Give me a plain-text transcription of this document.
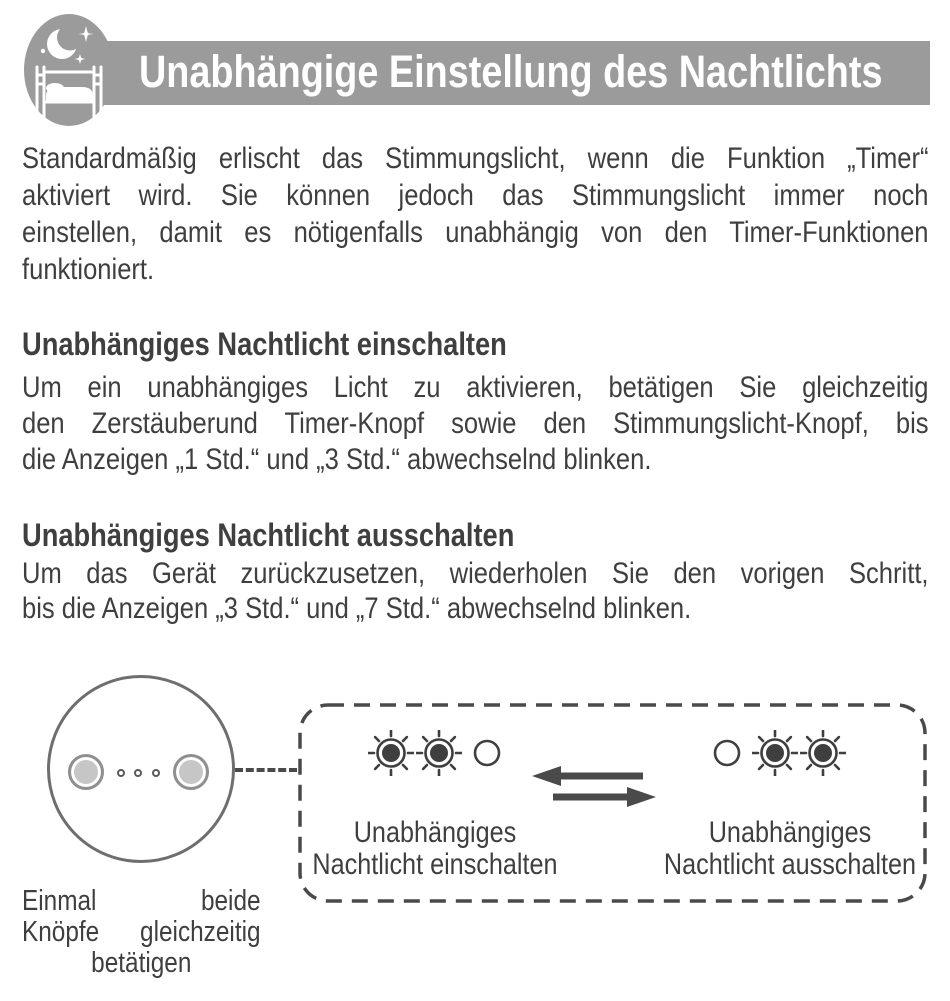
Unabhängige Einstellung des Nachtlichts
Standardmäßig erlischt das Stimmungslicht, wenn die Funktion „Timer“
aktiviert wird. Sie können jedoch das Stimmungslicht immer noch
einstellen, damit es nötigenfalls unabhängig von den Timer-Funktionen
funktioniert.
Unabhängiges Nachtlicht einschalten
Um ein unabhängiges Licht zu aktivieren, betätigen Sie gleichzeitig
den Zerstäuberund Timer-Knopf sowie den Stimmungslicht-Knopf, bis
die Anzeigen „1 Std.“ und „3 Std.“ abwechselnd blinken.
Unabhängiges Nachtlicht ausschalten
Um das Gerät zurückzusetzen, wiederholen Sie den vorigen Schritt,
bis die Anzeigen „3 Std.“ und „7 Std.“ abwechselnd blinken.
Unabhängiges
Nachtlicht einschalten
Unabhängiges
Nachtlicht ausschalten
Einmal beide
Knöpfe gleichzeitig
betätigen
